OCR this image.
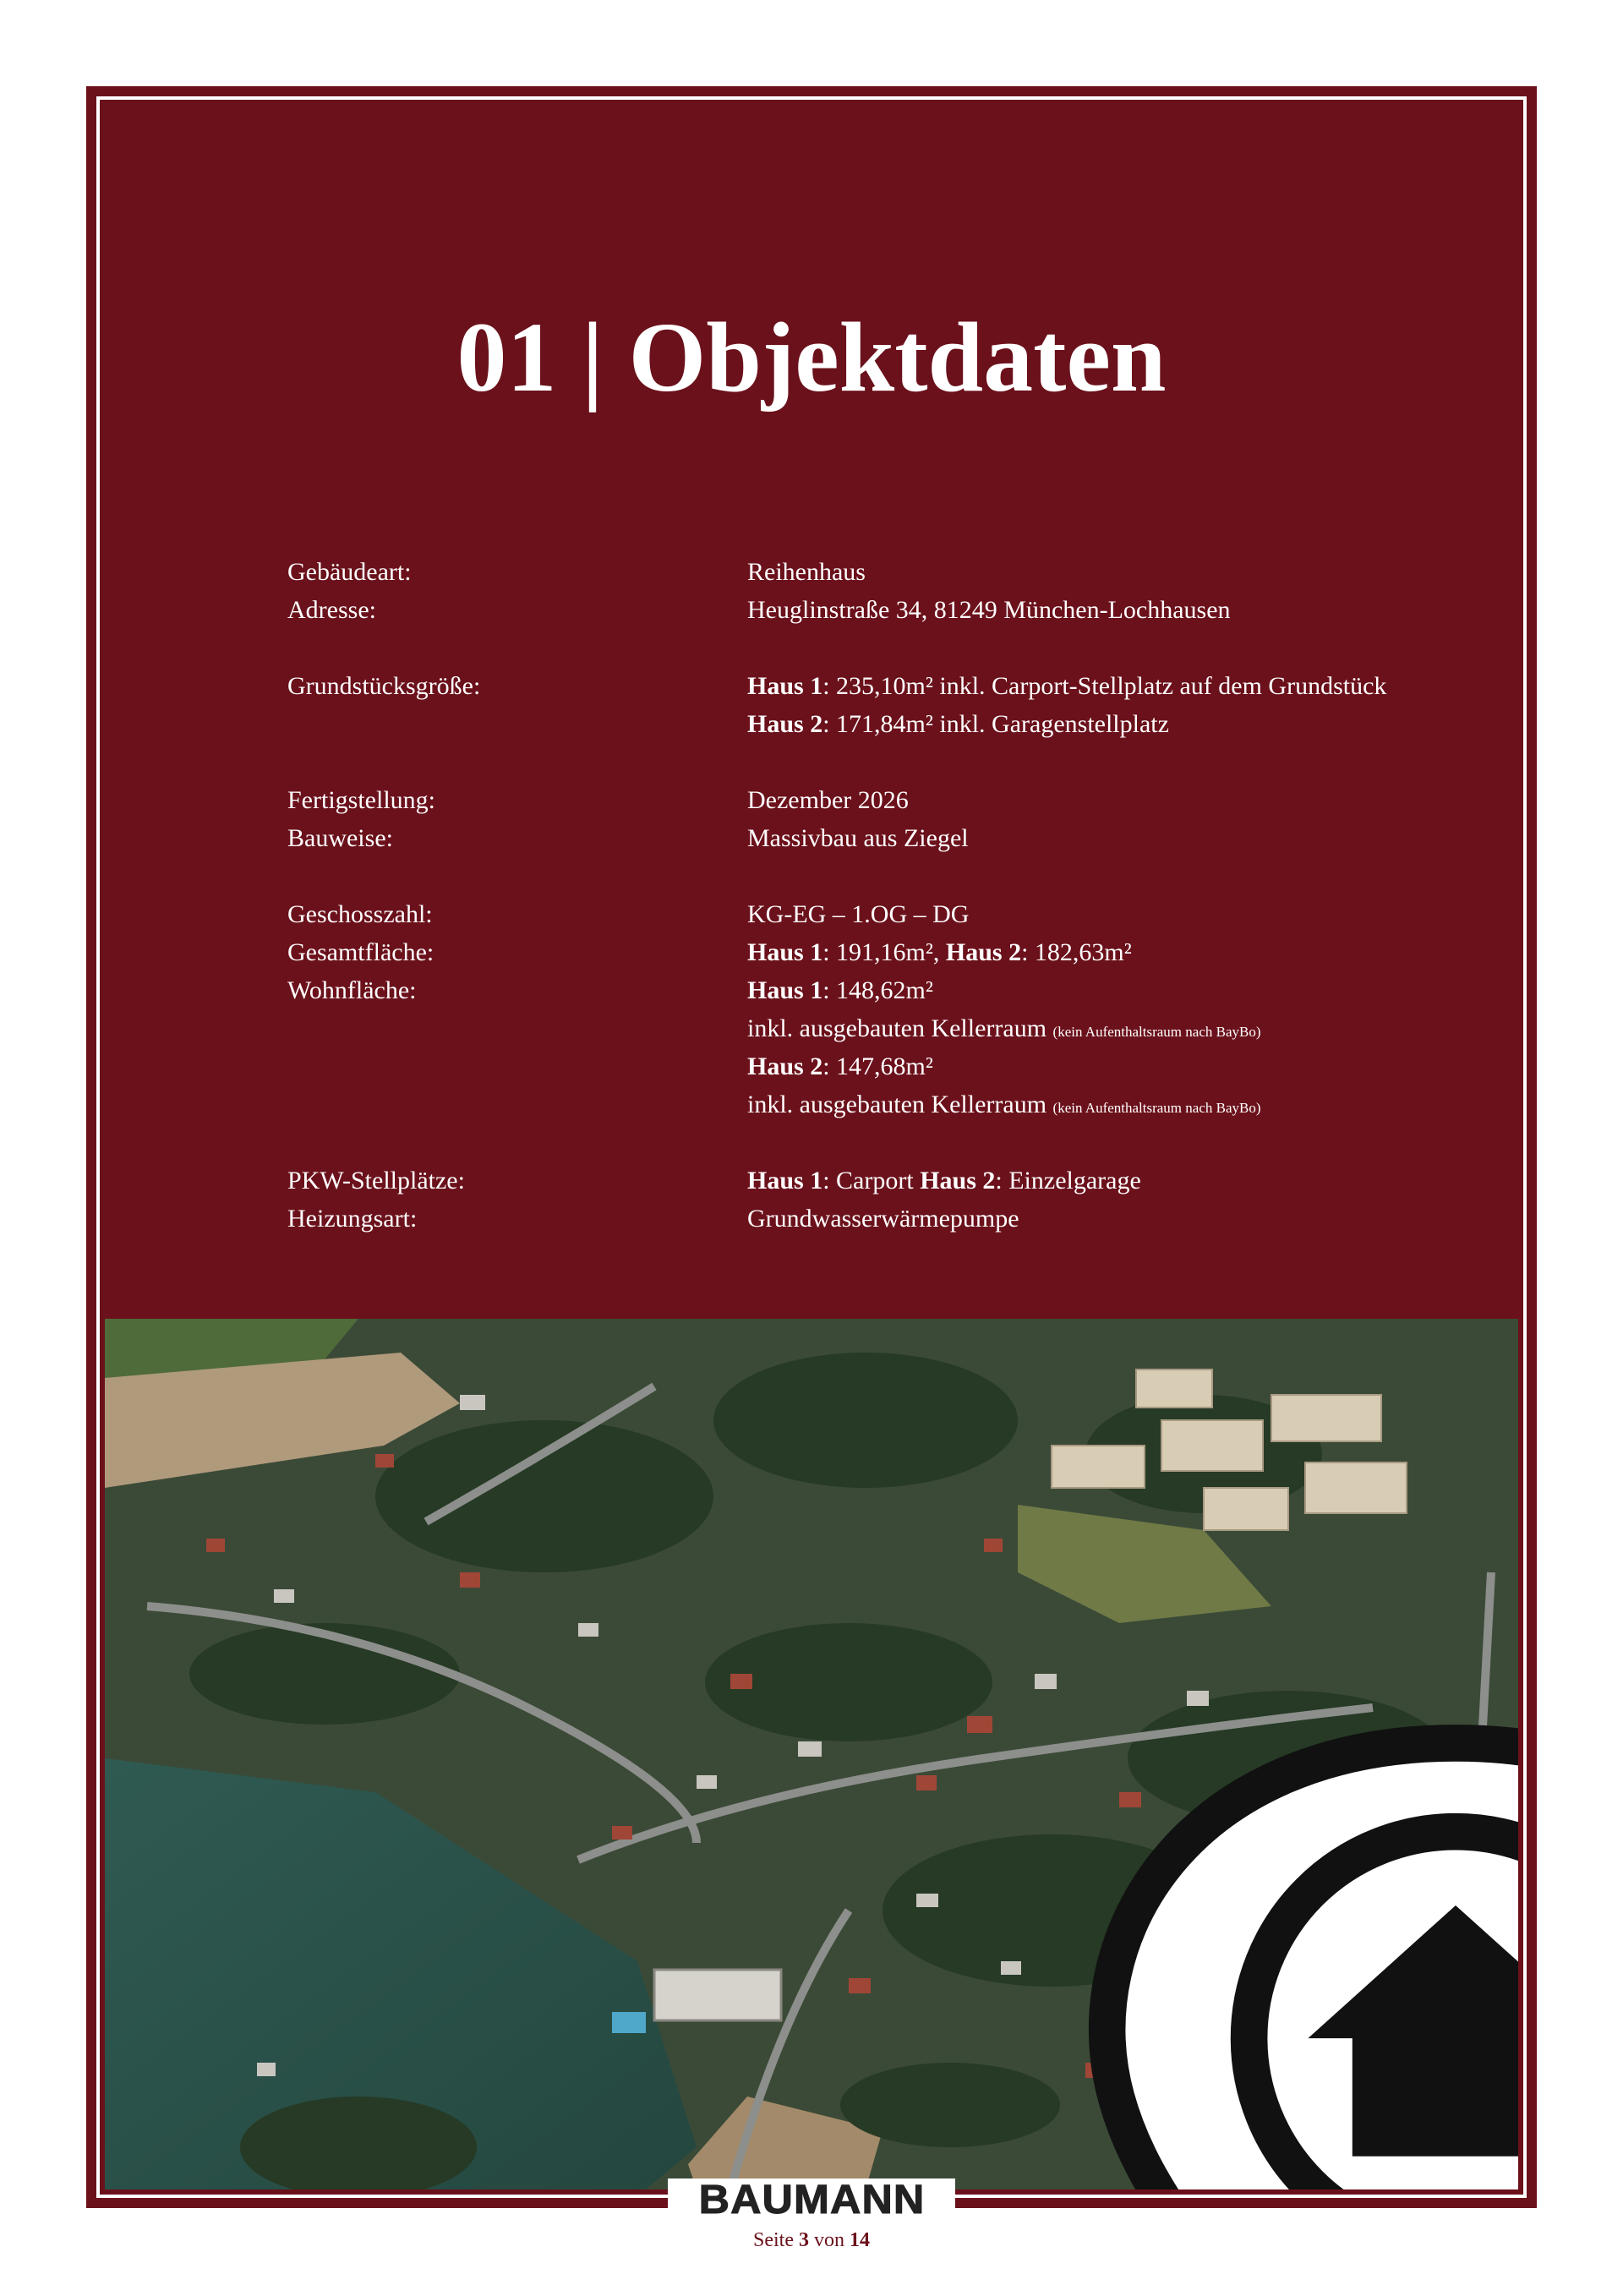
01 | Objektdaten
Gebäudeart:	Reihenhaus
Adresse:	Heuglinstraße 34, 81249 München-Lochhausen
Grundstücksgröße:	Haus 1: 235,10m² inkl. Carport-Stellplatz auf dem Grundstück
Haus 2: 171,84m² inkl. Garagenstellplatz
Fertigstellung:	Dezember 2026
Bauweise:	Massivbau aus Ziegel
Geschosszahl:	KG-EG – 1.OG – DG
Gesamtfläche:	Haus 1: 191,16m², Haus 2: 182,63m²
Wohnfläche:	Haus 1: 148,62m²
inkl. ausgebauten Kellerraum (kein Aufenthaltsraum nach BayBo)
Haus 2: 147,68m²
inkl. ausgebauten Kellerraum (kein Aufenthaltsraum nach BayBo)
PKW-Stellplätze:	Haus 1: Carport Haus 2: Einzelgarage
Heizungsart:	Grundwasserwärmepumpe
BAUMANN
Seite 3 von 14
